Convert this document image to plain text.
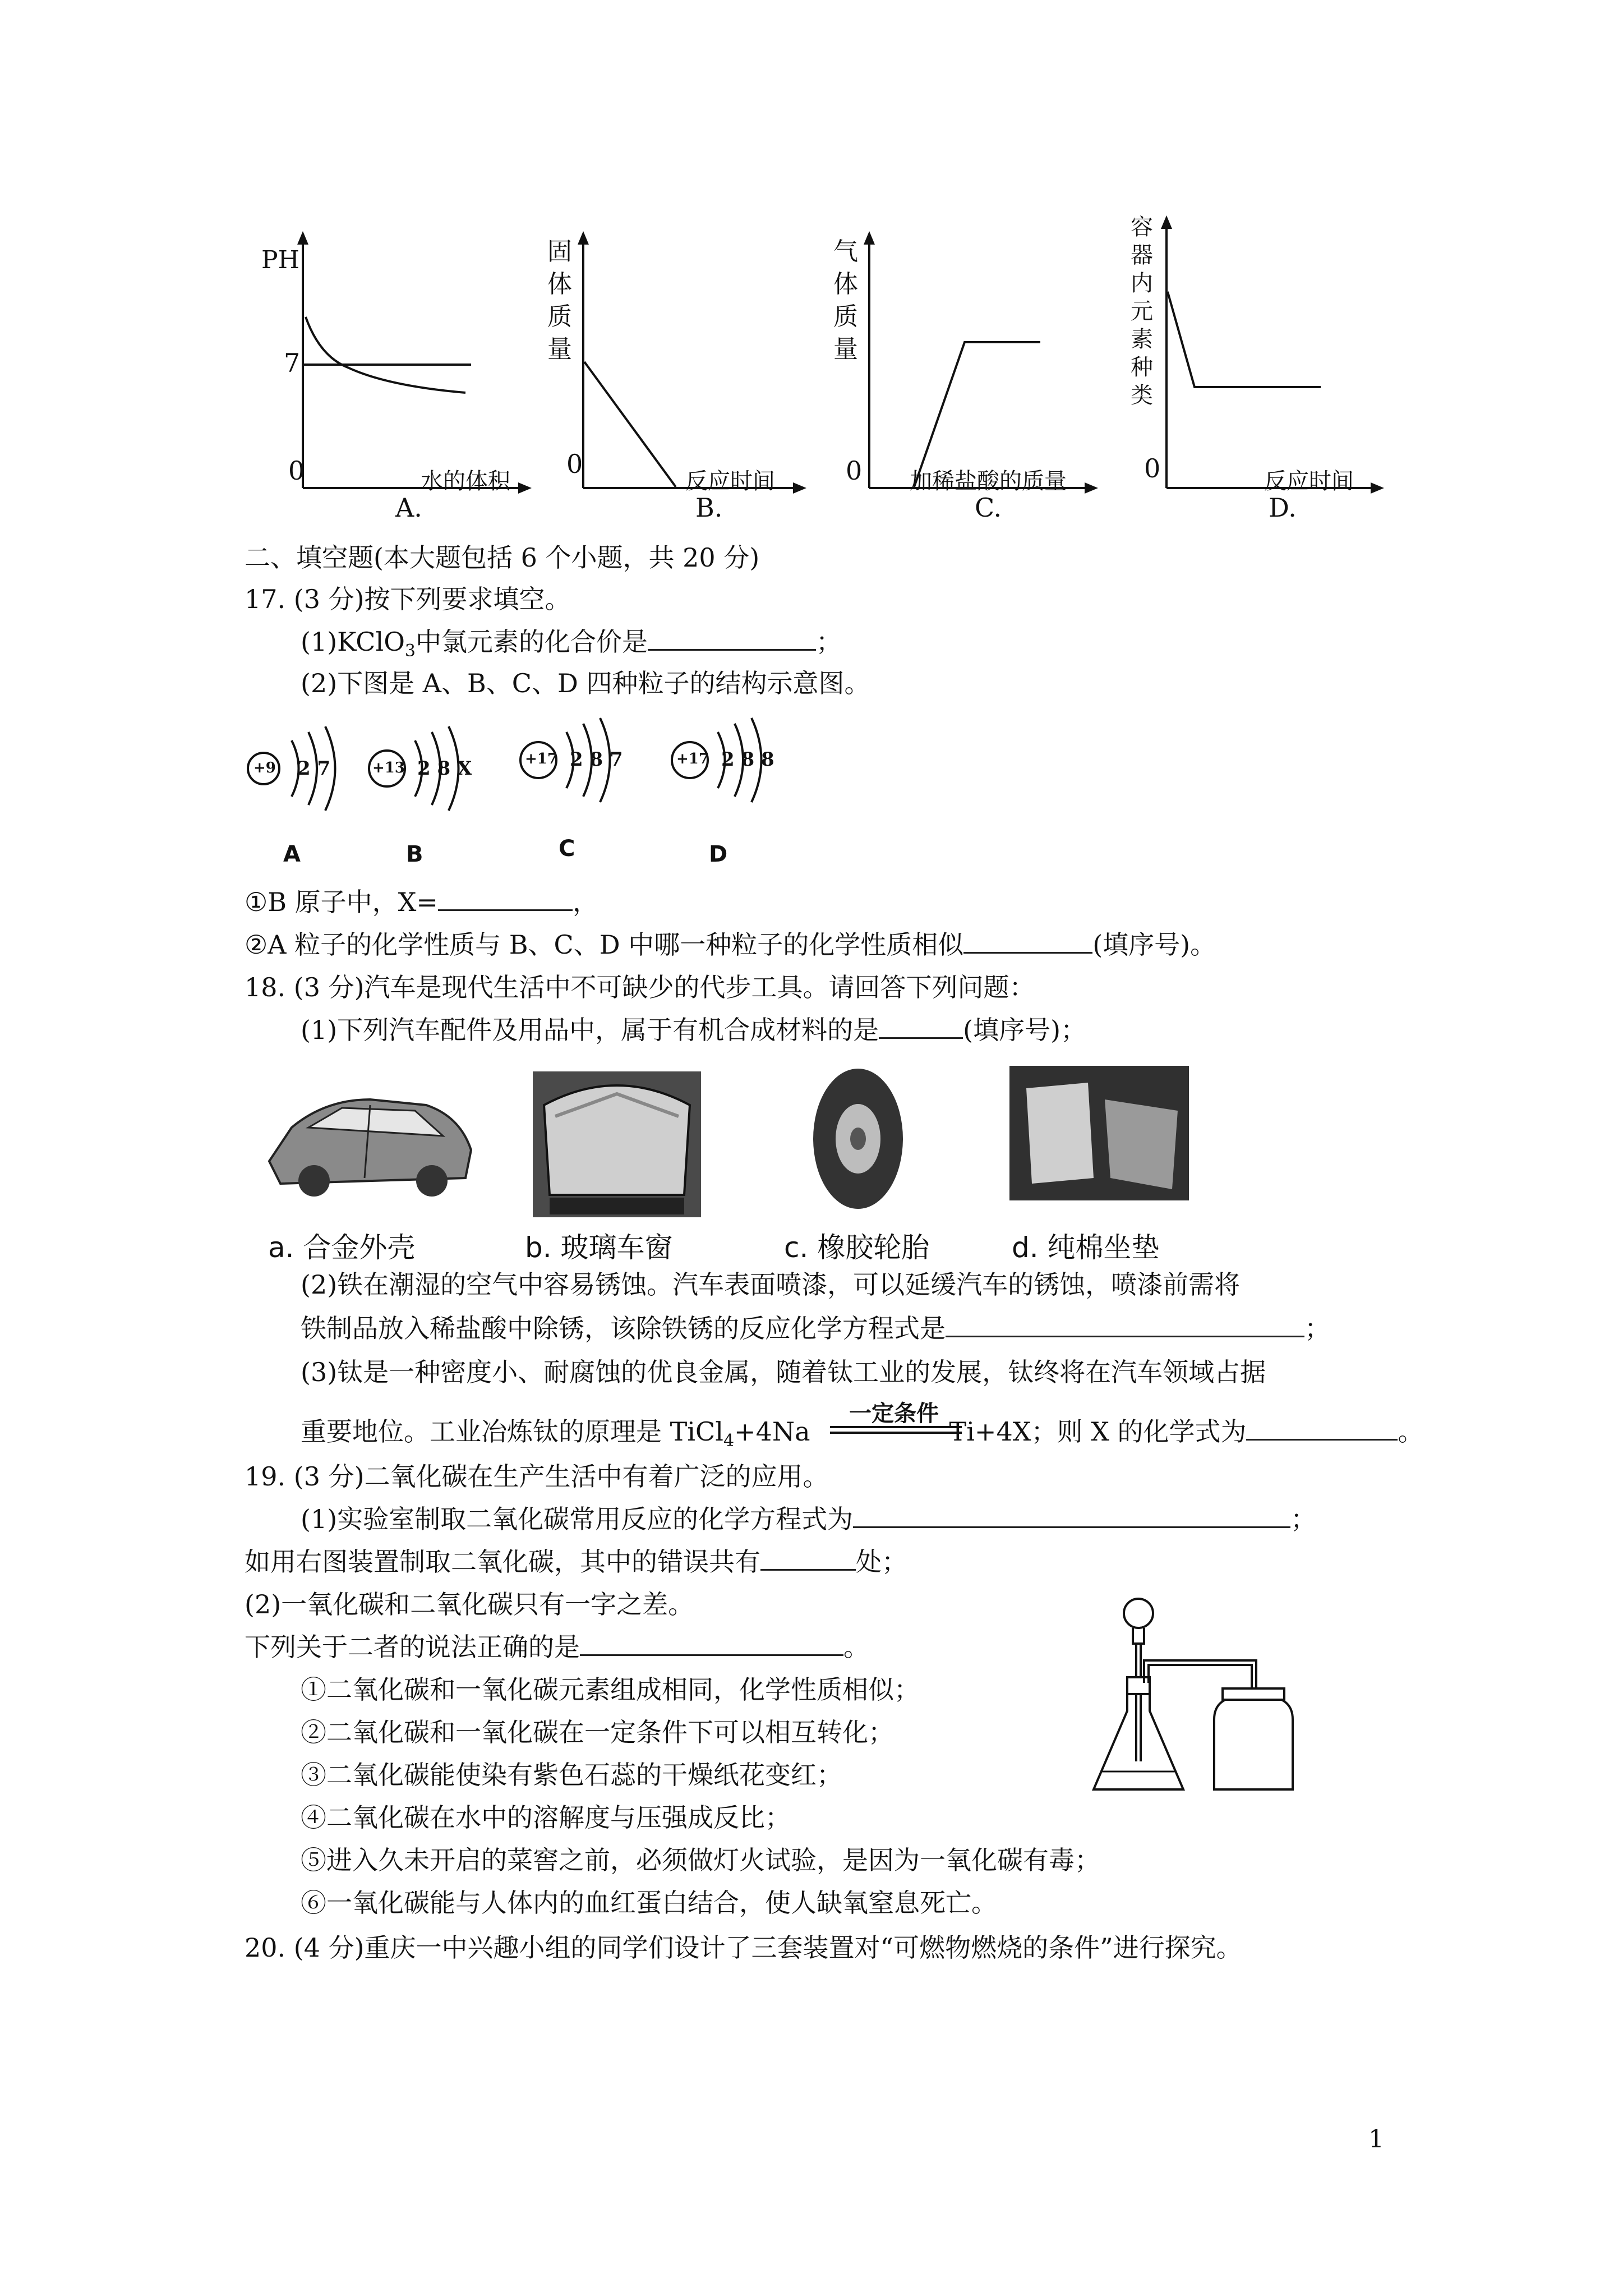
PH
7
0	水的体积
A.
固体质量
0
反应时间
B.
气体质量
0 加稀盐酸的质量
C.
容器内元素种类
0	反应时间
D.
二、填空题(本大题包括 6 个小题，共 20 分)
17. (3 分)按下列要求填空。
(1)KClO$_3$中氯元素的化合价是	；
(2)下图是 A、B、C、D 四种粒子的结构示意图。
+9 2 7
A
+13 2 8 X
B
+17 2 8 7
C
+17 2 8 8
D
①B 原子中，X=	，
②A 粒子的化学性质与 B、C、D 中哪一种粒子的化学性质相似	(填序号)。
18. (3 分)汽车是现代生活中不可缺少的代步工具。请回答下列问题：
(1)下列汽车配件及用品中，属于有机合成材料的是	(填序号)；
a. 合金外壳	b. 玻璃车窗	c. 橡胶轮胎	d. 纯棉坐垫
(2)铁在潮湿的空气中容易锈蚀。汽车表面喷漆，可以延缓汽车的锈蚀，喷漆前需将
铁制品放入稀盐酸中除锈，该除铁锈的反应化学方程式是	；
(3)钛是一种密度小、耐腐蚀的优良金属，随着钛工业的发展，钛终将在汽车领域占据
一定条件
重要地位。工业冶炼钛的原理是 TiCl$_4$+4Na	Ti+4X；则 X 的化学式为	。
19. (3 分)二氧化碳在生产生活中有着广泛的应用。
(1)实验室制取二氧化碳常用反应的化学方程式为	；
如用右图装置制取二氧化碳，其中的错误共有	处；
(2)一氧化碳和二氧化碳只有一字之差。
下列关于二者的说法正确的是	。
①二氧化碳和一氧化碳元素组成相同，化学性质相似；
②二氧化碳和一氧化碳在一定条件下可以相互转化；
③二氧化碳能使染有紫色石蕊的干燥纸花变红；
④二氧化碳在水中的溶解度与压强成反比；
⑤进入久未开启的菜窖之前，必须做灯火试验，是因为一氧化碳有毒；
⑥一氧化碳能与人体内的血红蛋白结合，使人缺氧窒息死亡。
20. (4 分)重庆一中兴趣小组的同学们设计了三套装置对“可燃物燃烧的条件”进行探究。
1
